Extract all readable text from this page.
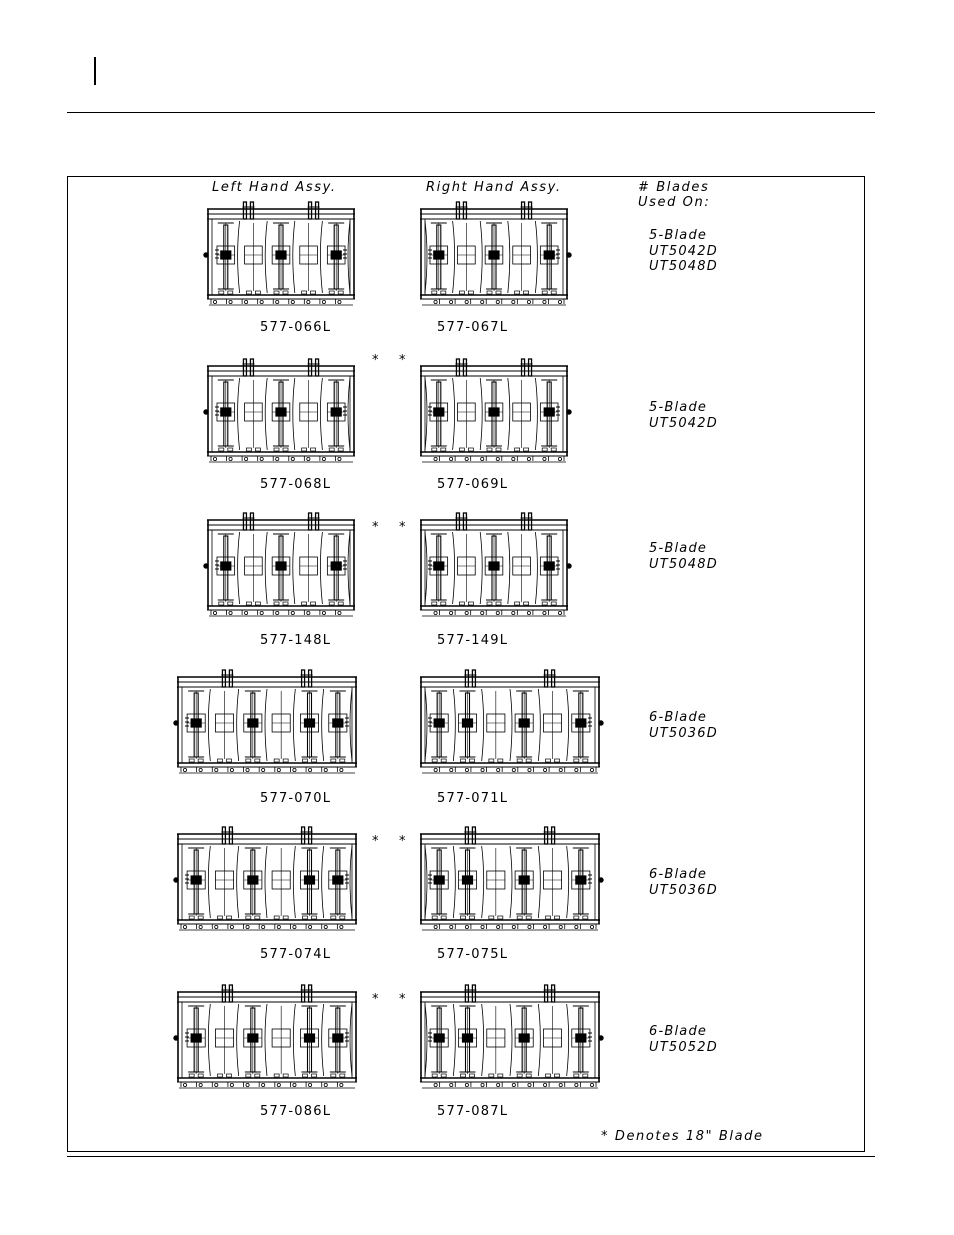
Left Hand Assy.	Right Hand Assy.	# Blades
Used On:
* Denotes 18" Blade
577-066L	577-067L
5-Blade
UT5042D
UT5048D
577-068L	577-069L
* *
5-Blade
UT5042D
577-148L	577-149L
* *
5-Blade
UT5048D
577-070L	577-071L
6-Blade
UT5036D
577-074L	577-075L
* *
6-Blade
UT5036D
577-086L	577-087L
* *
6-Blade
UT5052D
